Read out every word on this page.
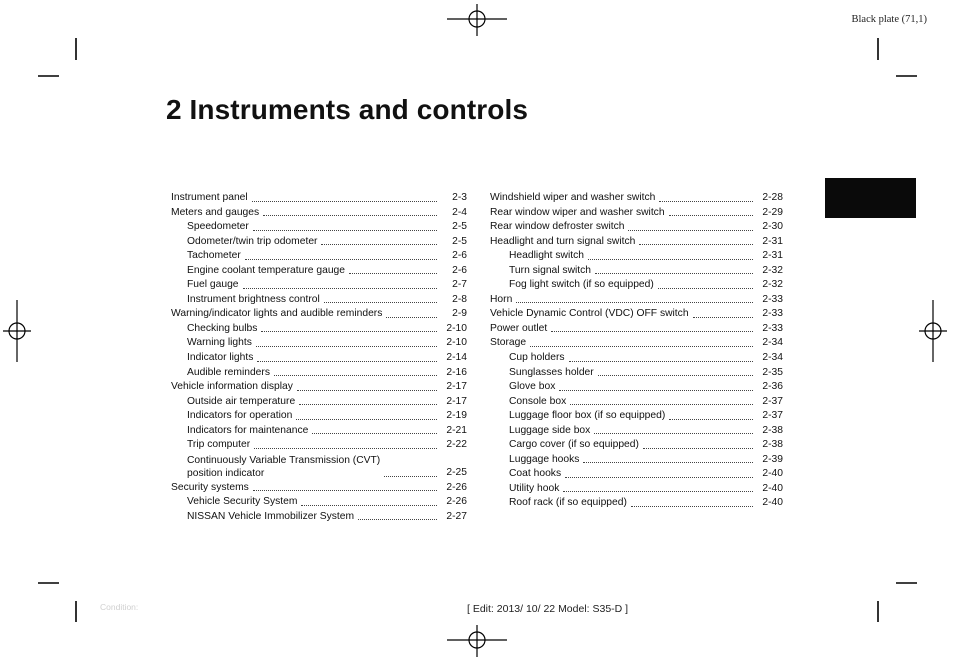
Black plate (71,1)
2 Instruments and controls
Instrument panel	2-3
Meters and gauges	2-4
Speedometer	2-5
Odometer/twin trip odometer	2-5
Tachometer	2-6
Engine coolant temperature gauge	2-6
Fuel gauge	2-7
Instrument brightness control	2-8
Warning/indicator lights and audible reminders	2-9
Checking bulbs	2-10
Warning lights	2-10
Indicator lights	2-14
Audible reminders	2-16
Vehicle information display	2-17
Outside air temperature	2-17
Indicators for operation	2-19
Indicators for maintenance	2-21
Trip computer	2-22
Continuously Variable Transmission (CVT)
position indicator	2-25
Security systems	2-26
Vehicle Security System	2-26
NISSAN Vehicle Immobilizer System	2-27
Windshield wiper and washer switch	2-28
Rear window wiper and washer switch	2-29
Rear window defroster switch	2-30
Headlight and turn signal switch	2-31
Headlight switch	2-31
Turn signal switch	2-32
Fog light switch (if so equipped)	2-32
Horn	2-33
Vehicle Dynamic Control (VDC) OFF switch	2-33
Power outlet	2-33
Storage	2-34
Cup holders	2-34
Sunglasses holder	2-35
Glove box	2-36
Console box	2-37
Luggage floor box (if so equipped)	2-37
Luggage side box	2-38
Cargo cover (if so equipped)	2-38
Luggage hooks	2-39
Coat hooks	2-40
Utility hook	2-40
Roof rack (if so equipped)	2-40
Condition:	[ Edit: 2013/ 10/ 22 Model: S35-D ]
